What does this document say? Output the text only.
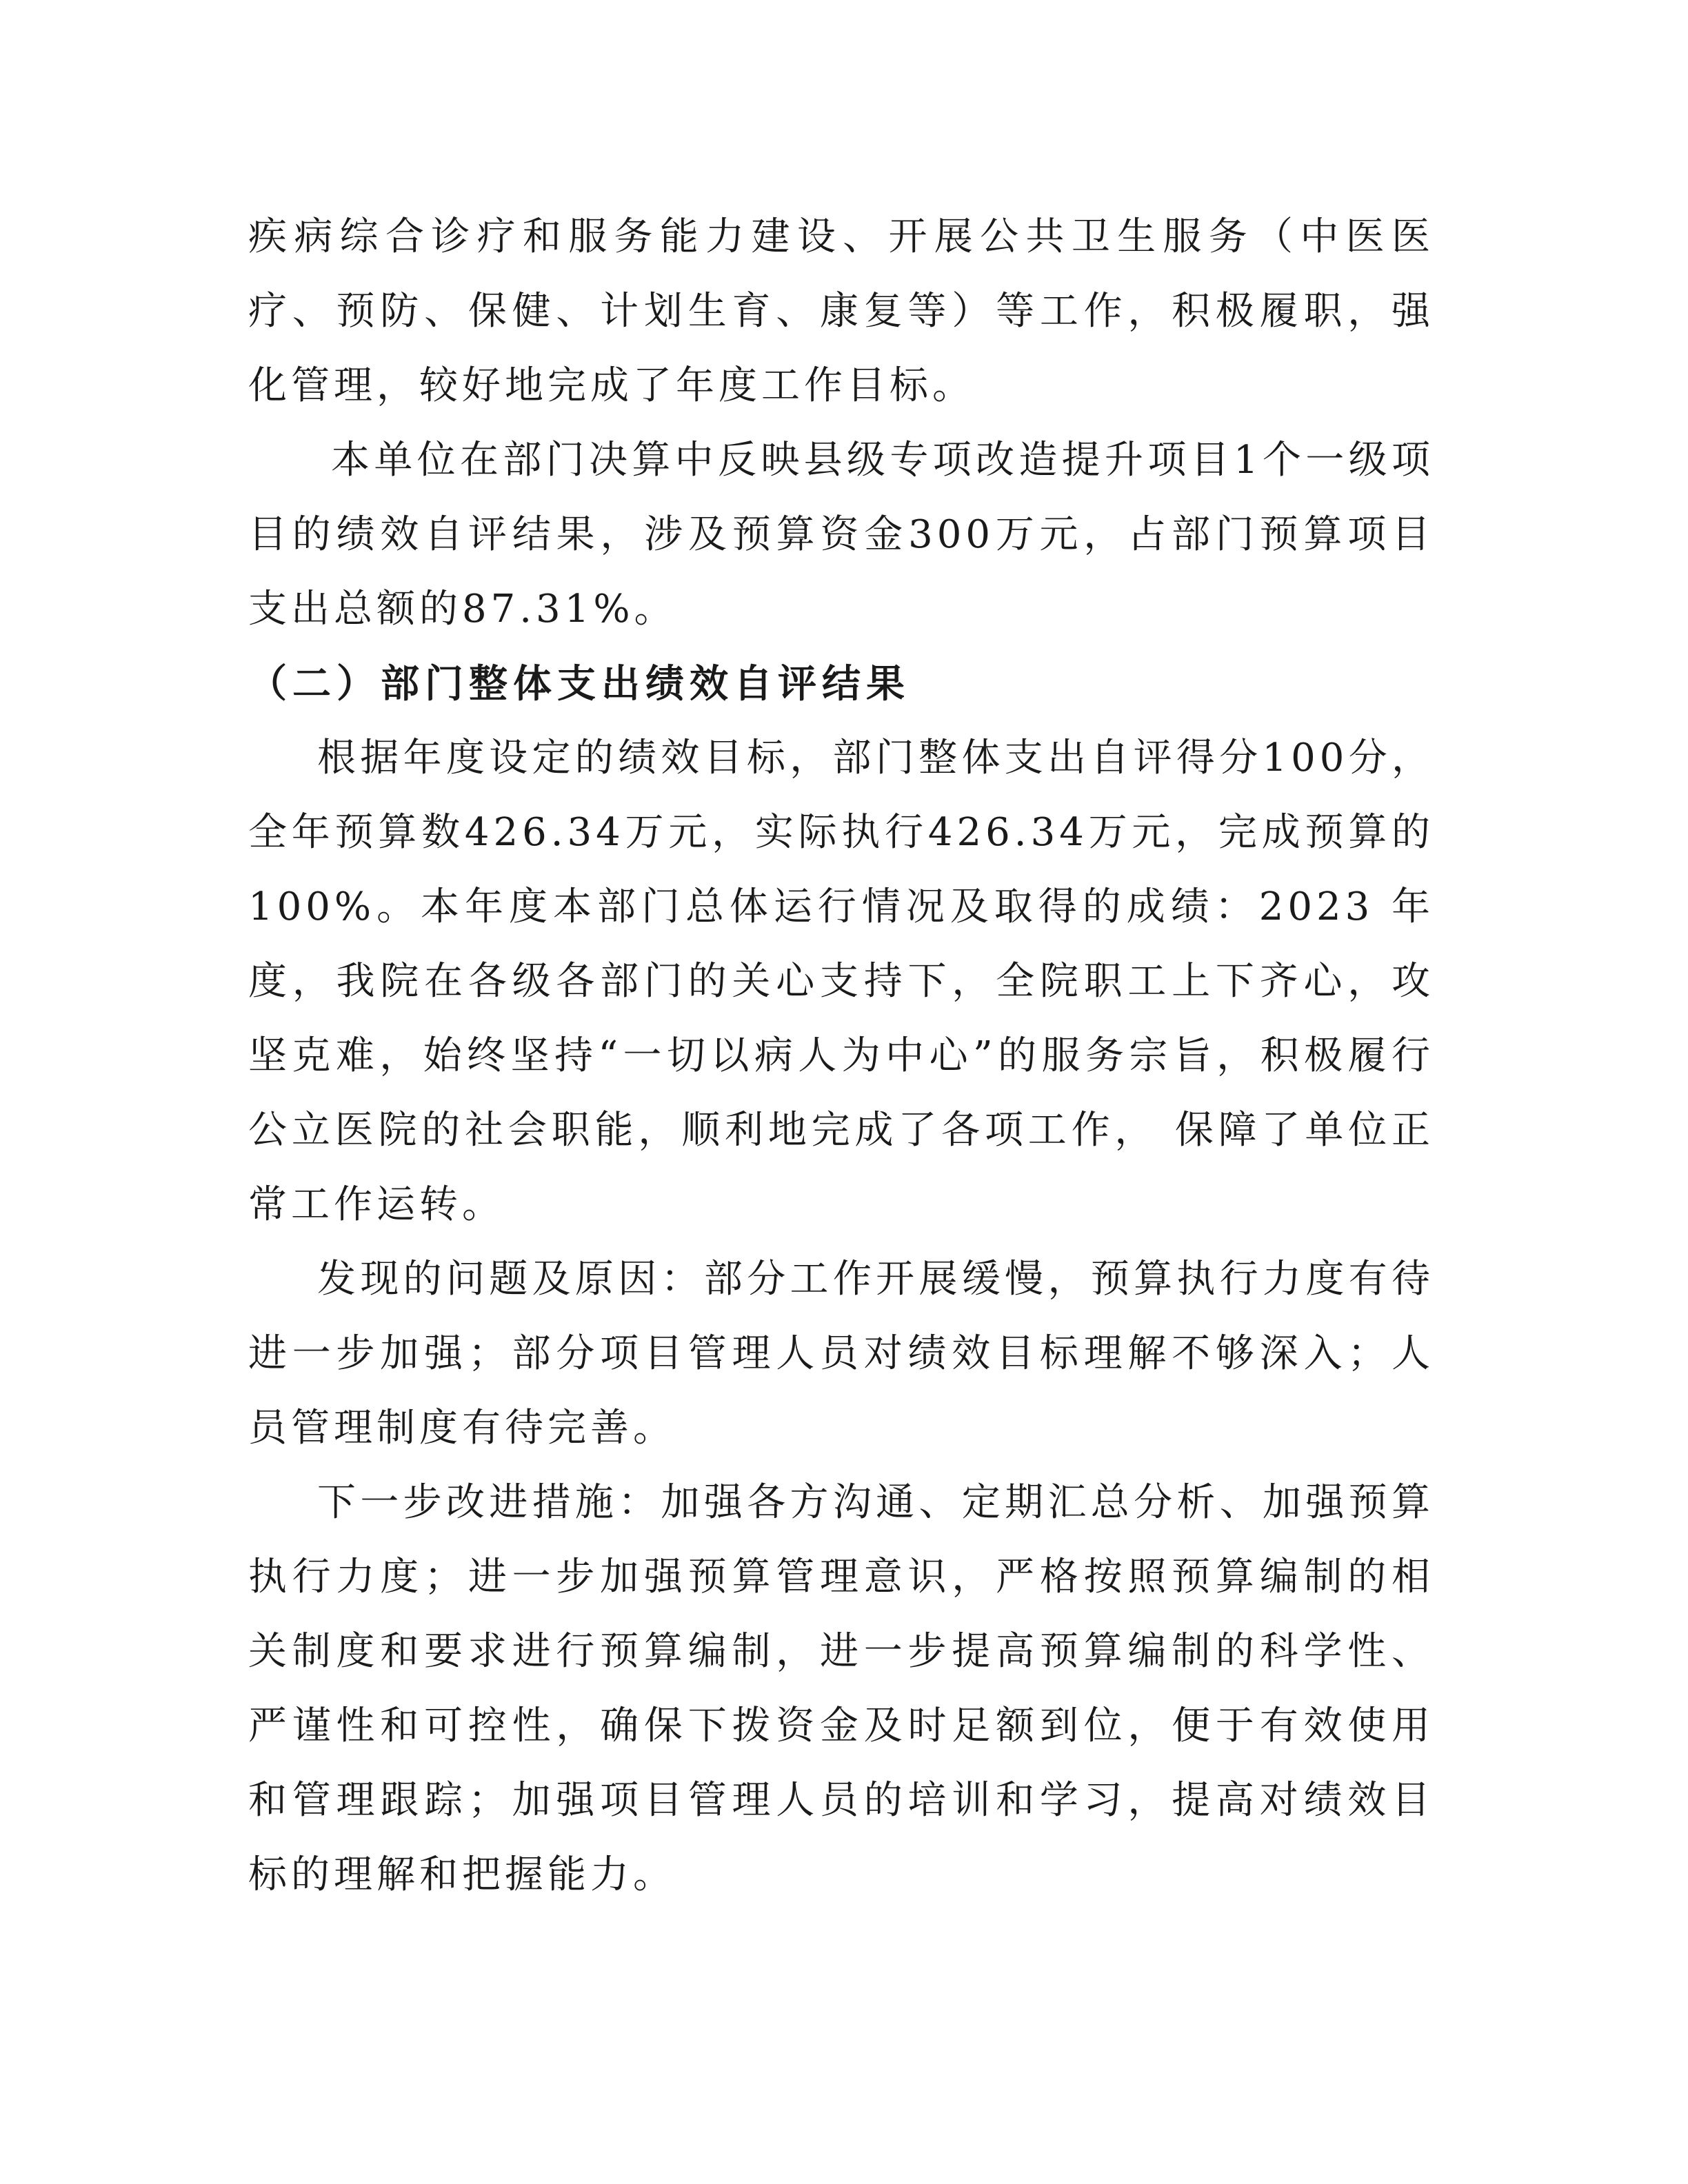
疾病综合诊疗和服务能力建设、开展公共卫生服务（中医医疗、预防、保健、计划生育、康复等）等工作，积极履职，强化管理，较好地完成了年度工作目标。

本单位在部门决算中反映县级专项改造提升项目1个一级项目的绩效自评结果，涉及预算资金300万元，占部门预算项目支出总额的87.31%。

（二）部门整体支出绩效自评结果

根据年度设定的绩效目标，部门整体支出自评得分100分，全年预算数426.34万元，实际执行426.34万元，完成预算的100%。本年度本部门总体运行情况及取得的成绩：2023 年度，我院在各级各部门的关心支持下，全院职工上下齐心，攻坚克难，始终坚持“一切以病人为中心”的服务宗旨，积极履行公立医院的社会职能，顺利地完成了各项工作， 保障了单位正常工作运转。

发现的问题及原因：部分工作开展缓慢，预算执行力度有待进一步加强；部分项目管理人员对绩效目标理解不够深入；人员管理制度有待完善。

下一步改进措施：加强各方沟通、定期汇总分析、加强预算执行力度；进一步加强预算管理意识，严格按照预算编制的相关制度和要求进行预算编制，进一步提高预算编制的科学性、严谨性和可控性，确保下拨资金及时足额到位，便于有效使用和管理跟踪；加强项目管理人员的培训和学习，提高对绩效目标的理解和把握能力。
